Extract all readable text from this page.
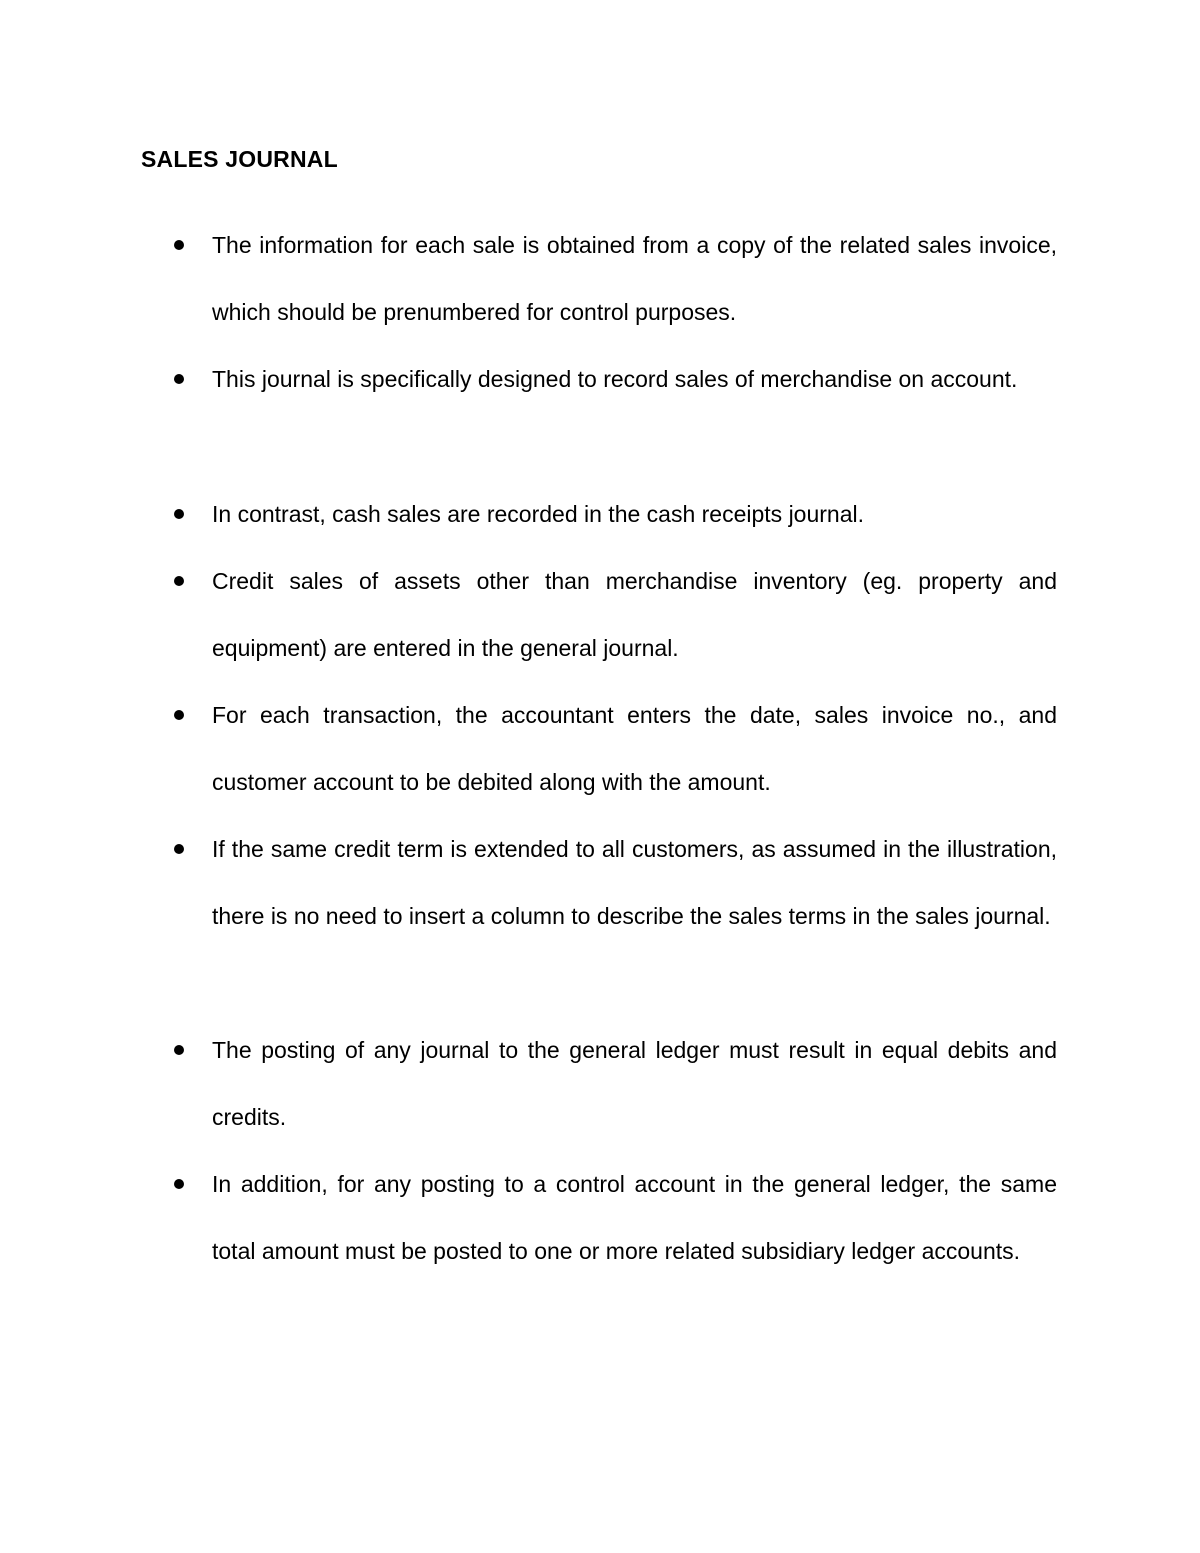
SALES JOURNAL
The information for each sale is obtained from a copy of the related sales invoice, which should be prenumbered for control purposes.
This journal is specifically designed to record sales of merchandise on account.
In contrast, cash sales are recorded in the cash receipts journal.
Credit sales of assets other than merchandise inventory (eg. property and equipment) are entered in the general journal.
For each transaction, the accountant enters the date, sales invoice no., and customer account to be debited along with the amount.
If the same credit term is extended to all customers, as assumed in the illustration, there is no need to insert a column to describe the sales terms in the sales journal.
The posting of any journal to the general ledger must result in equal debits and credits.
In addition, for any posting to a control account in the general ledger, the same total amount must be posted to one or more related subsidiary ledger accounts.
